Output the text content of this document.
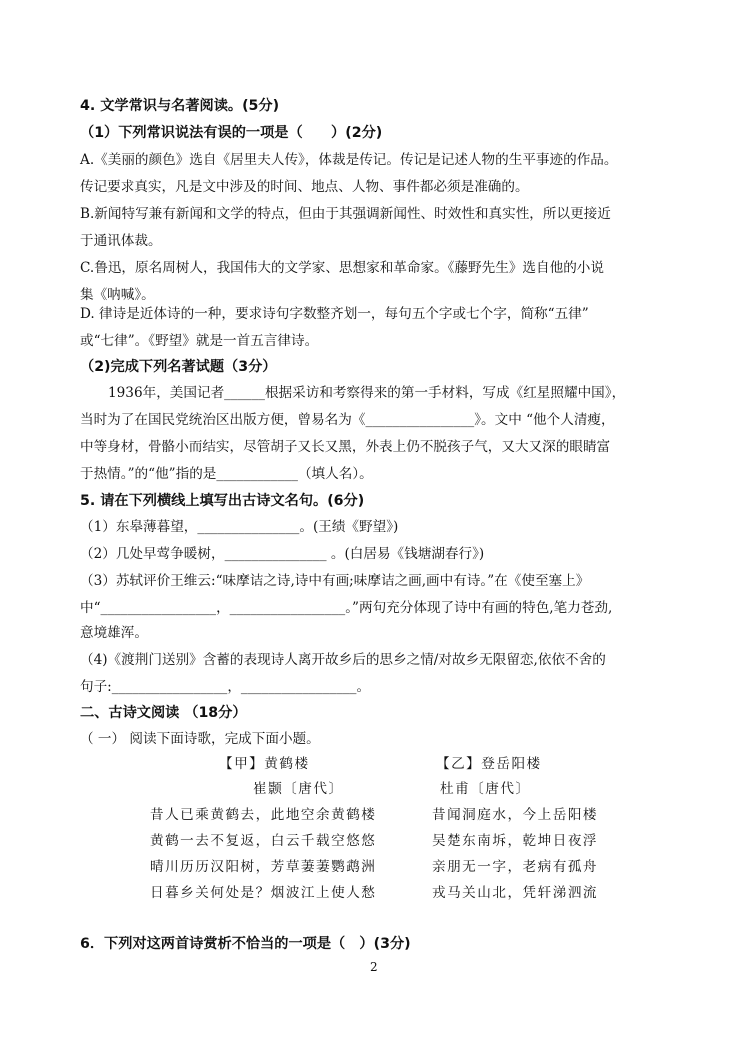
4. 文学常识与名著阅读。(5分)
（1）下列常识说法有误的一项是（　　）(2分)
A.《美丽的颜色》选自《居里夫人传》，体裁是传记。传记是记述人物的生平事迹的作品。
传记要求真实，凡是文中涉及的时间、地点、人物、事件都必须是准确的。
B.新闻特写兼有新闻和文学的特点，但由于其强调新闻性、时效性和真实性，所以更接近
于通讯体裁。
C.鲁迅，原名周树人，我国伟大的文学家、思想家和革命家。《藤野先生》选自他的小说
集《呐喊》。
D. 律诗是近体诗的一种，要求诗句字数整齐划一，每句五个字或七个字，简称“五律”
或“七律”。《野望》就是一首五言律诗。
（2)完成下列名著试题（3分）
1936年，美国记者______根据采访和考察得来的第一手材料，写成《红星照耀中国》，
当时为了在国民党统治区出版方便，曾易名为《________________》。文中 “他个人清瘦，
中等身材，骨骼小而结实，尽管胡子又长又黑，外表上仍不脱孩子气，又大又深的眼睛富
于热情。”的“他”指的是____________（填人名）。
5. 请在下列横线上填写出古诗文名句。(6分)
（1）东皋薄暮望，_______________。(王绩《野望》)
（2）几处早莺争暖树，_______________ 。(白居易《钱塘湖春行》)
（3）苏轼评价王维云:“味摩诘之诗,诗中有画;味摩诘之画,画中有诗。”在《使至塞上》
中“_________________，_________________。”两句充分体现了诗中有画的特色,笔力苍劲,
意境雄浑。
（4)《渡荆门送别》含蓄的表现诗人离开故乡后的思乡之情/对故乡无限留恋,依依不舍的
句子:_________________，_________________。
二、古诗文阅读 （18分）
（ 一） 阅读下面诗歌，完成下面小题。
【甲】黄鹤楼
崔颢〔唐代〕
昔人已乘黄鹤去，此地空余黄鹤楼
黄鹤一去不复返，白云千载空悠悠
晴川历历汉阳树，芳草萋萋鹦鹉洲
日暮乡关何处是？烟波江上使人愁
【乙】登岳阳楼
杜甫〔唐代〕
昔闻洞庭水，今上岳阳楼
吴楚东南坼，乾坤日夜浮
亲朋无一字，老病有孤舟
戎马关山北，凭轩涕泗流
6．下列对这两首诗赏析不恰当的一项是（　）(3分)
2
